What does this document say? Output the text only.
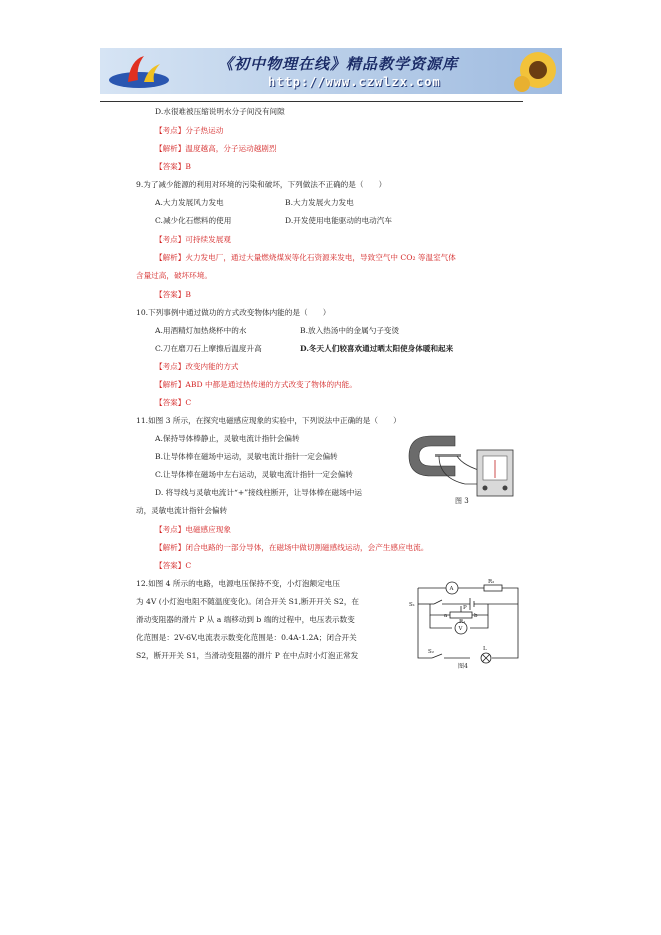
《初中物理在线》精品教学资源库
http://www.czwlzx.com
D.水很难被压缩说明水分子间没有间隙
【考点】分子热运动
【解析】温度越高，分子运动越剧烈
【答案】B
9.为了减少能源的利用对环境的污染和破坏，下列做法不正确的是（　　）
A.大力发展风力发电	B.大力发展火力发电
C.减少化石燃料的使用	D.开发使用电能驱动的电动汽车
【考点】可持续发展观
【解析】火力发电厂，通过大量燃烧煤炭等化石资源来发电，导致空气中 CO₂ 等温室气体
含量过高，破坏环境。
【答案】B
10.下列事例中通过做功的方式改变物体内能的是（　　）
A.用酒精灯加热烧杯中的水	B.放入热汤中的金属勺子变烫
C.刀在磨刀石上摩擦后温度升高	D.冬天人们较喜欢通过晒太阳使身体暖和起来
【考点】改变内能的方式
【解析】ABD 中都是通过热传递的方式改变了物体的内能。
【答案】C
11.如图 3 所示，在探究电磁感应现象的实验中，下列说法中正确的是（　　）
A.保持导体棒静止，灵敏电流计指针会偏转
B.让导体棒在磁场中运动，灵敏电流计指针一定会偏转
C.让导体棒在磁场中左右运动，灵敏电流计指针一定会偏转
D. 将导线与灵敏电流计“+”接线柱断开，让导体棒在磁场中运
动，灵敏电流计指针会偏转
图 3
【考点】电磁感应现象
【解析】闭合电路的一部分导体，在磁场中做切割磁感线运动，会产生感应电流。
【答案】C
12.如图 4 所示的电路，电源电压保持不变，小灯泡额定电压
为 4V (小灯泡电阻不随温度变化)。闭合开关 S1,断开开关 S2，在
滑动变阻器的滑片 P 从 a 端移动到 b 端的过程中，电压表示数变
化范围是：2V-6V,电流表示数变化范围是：0.4A-1.2A；闭合开关
S2，断开开关 S1，当滑动变阻器的滑片 P 在中点时小灯泡正常发
S₁
A
R₂
R₁
a	b
P
V
S₂	L
图4
